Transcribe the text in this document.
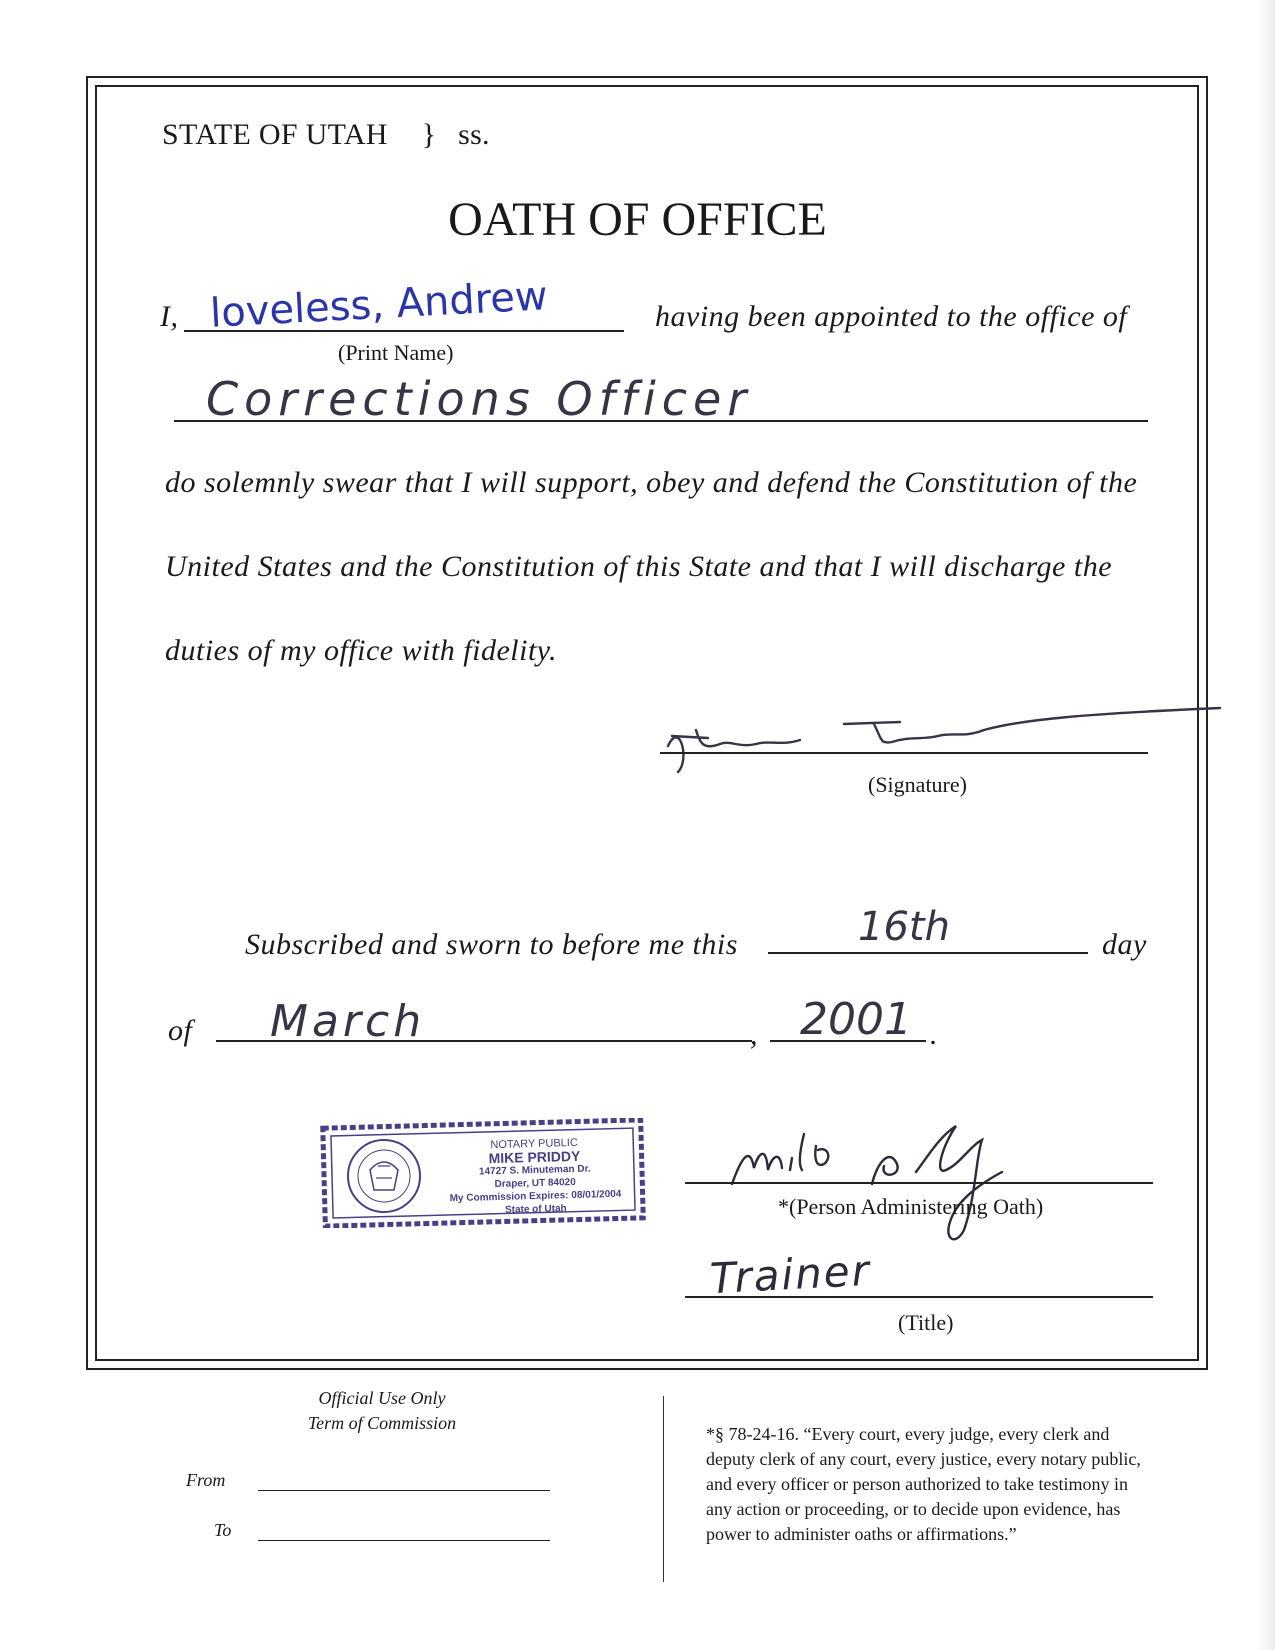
STATE OF UTAH } ss.
OATH OF OFFICE
I, loveless, Andrew
(Print Name)
having been appointed to the office of
Corrections Officer
do solemnly swear that I will support, obey and defend the Constitution of the
United States and the Constitution of this State and that I will discharge the
duties of my office with fidelity.
(Signature)
Subscribed and sworn to before me this	16th	day
of March	, 2001 .
NOTARY PUBLIC
MIKE PRIDDY
14727 S. Minuteman Dr.
Draper, UT 84020
My Commission Expires: 08/01/2004
State of Utah	*(Person Administering Oath)
Trainer
(Title)
Official Use Only
Term of Commission
From
To
*§ 78-24-16. “Every court, every judge, every clerk and
deputy clerk of any court, every justice, every notary public,
and every officer or person authorized to take testimony in
any action or proceeding, or to decide upon evidence, has
power to administer oaths or affirmations.”
